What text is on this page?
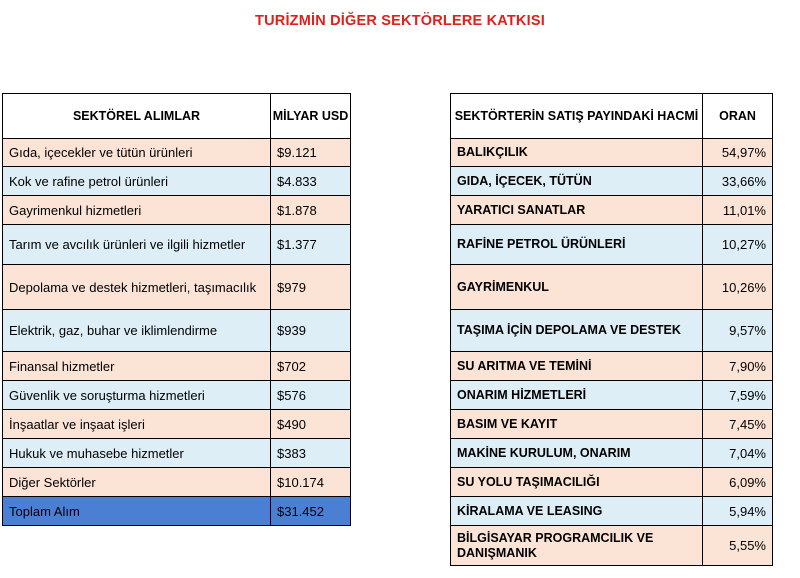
TURİZMİN DİĞER SEKTÖRLERE KATKISI
SEKTÖREL ALIMLAR	MİLYAR USD
Gıda, içecekler ve tütün ürünleri	$9.121
Kok ve rafine petrol ürünleri	$4.833
Gayrimenkul hizmetleri	$1.878
Tarım ve avcılık ürünleri ve ilgili hizmetler	$1.377
Depolama ve destek hizmetleri, taşımacılık	$979
Elektrik, gaz, buhar ve iklimlendirme	$939
Finansal hizmetler	$702
Güvenlik ve soruşturma hizmetleri	$576
İnşaatlar ve inşaat işleri	$490
Hukuk ve muhasebe hizmetler	$383
Diğer Sektörler	$10.174
Toplam Alım	$31.452
SEKTÖRTERİN SATIŞ PAYINDAKİ HACMİ	ORAN
BALIKÇILIK	54,97%
GIDA, İÇECEK, TÜTÜN	33,66%
YARATICI SANATLAR	11,01%
RAFİNE PETROL ÜRÜNLERİ	10,27%
GAYRİMENKUL	10,26%
TAŞIMA İÇİN DEPOLAMA VE DESTEK	9,57%
SU ARITMA VE TEMİNİ	7,90%
ONARIM HİZMETLERİ	7,59%
BASIM VE KAYIT	7,45%
MAKİNE KURULUM, ONARIM	7,04%
SU YOLU TAŞIMACILIĞI	6,09%
KİRALAMA VE LEASING	5,94%
BİLGİSAYAR PROGRAMCILIK VE DANIŞMANIK	5,55%
